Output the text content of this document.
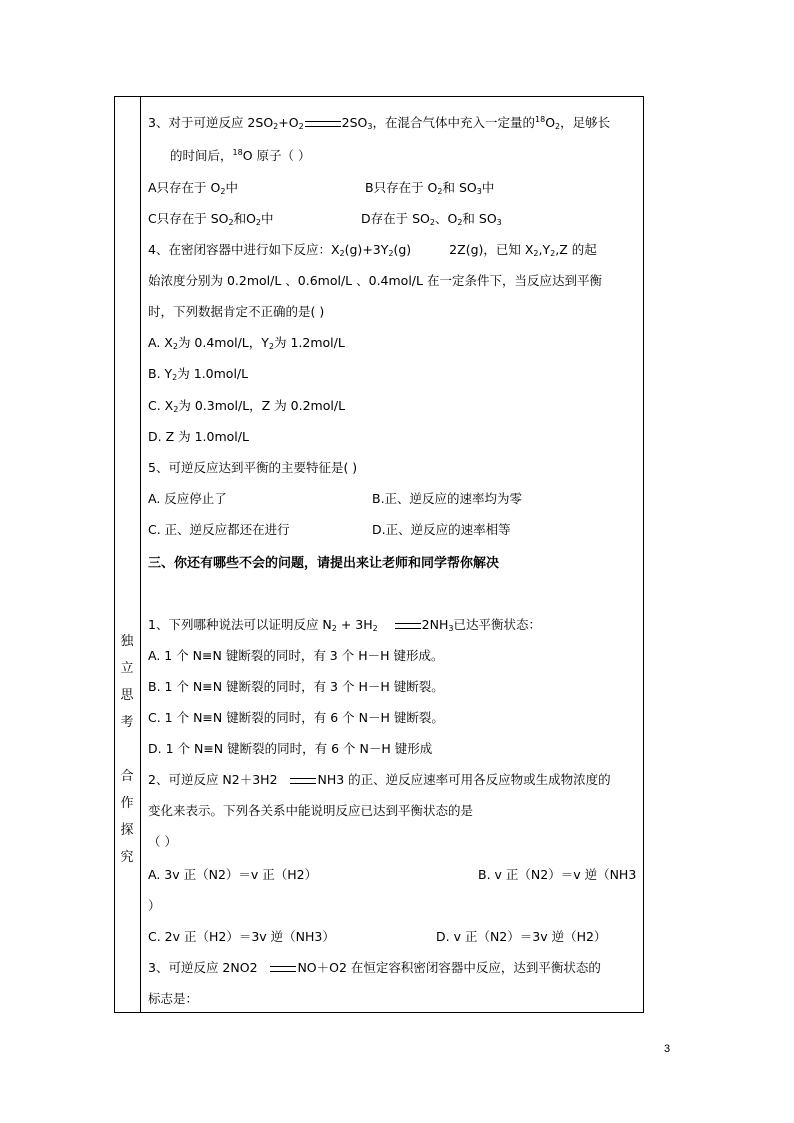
独
立
思
考
合
作
探
究
3、对于可逆反应 $2SO_2+O_2$	$2SO_3$，在混合气体中充入一定量的$^{18}O_2$，足够长
的时间后，$^{18}$O 原子（ ）
A只存在于 $O_2$中	B只存在于 $O_2$和 $SO_3$中
C只存在于 $SO_2$和$O_2$中	D存在于 $SO_2$、$O_2$和 $SO_3$
4、在密闭容器中进行如下反应：$X_2(g)+3Y_2(g)$	2Z(g)，已知 $X_2,Y_2,Z$ 的起
始浓度分别为 0.2mol/L 、0.6mol/L 、0.4mol/L 在一定条件下，当反应达到平衡
时，下列数据肯定不正确的是( )
A. $X_2$为 0.4mol/L，$Y_2$为 1.2mol/L
B. $Y_2$为 1.0mol/L
C. $X_2$为 0.3mol/L，Z 为 0.2mol/L
D. Z 为 1.0mol/L
5、可逆反应达到平衡的主要特征是( )
A. 反应停止了	B.正、逆反应的速率均为零
C. 正、逆反应都还在进行	D.正、逆反应的速率相等
三、你还有哪些不会的问题，请提出来让老师和同学帮你解决
1、下列哪种说法可以证明反应 $N_2 + 3H_2$	$2NH_3$已达平衡状态：
A. 1 个 N≡N 键断裂的同时，有 3 个 H－H 键形成。
B. 1 个 N≡N 键断裂的同时，有 3 个 H－H 键断裂。
C. 1 个 N≡N 键断裂的同时，有 6 个 N－H 键断裂。
D. 1 个 N≡N 键断裂的同时，有 6 个 N－H 键形成
2、可逆反应 N2＋3H2	NH3 的正、逆反应速率可用各反应物或生成物浓度的
变化来表示。下列各关系中能说明反应已达到平衡状态的是
（ ）
A. 3v 正（N2）＝v 正（H2）	B. v 正（N2）＝v 逆（NH3
）
C. 2v 正（H2）＝3v 逆（NH3）	D. v 正（N2）＝3v 逆（H2）
3、可逆反应 2NO2	NO＋O2 在恒定容积密闭容器中反应，达到平衡状态的
标志是：
3
